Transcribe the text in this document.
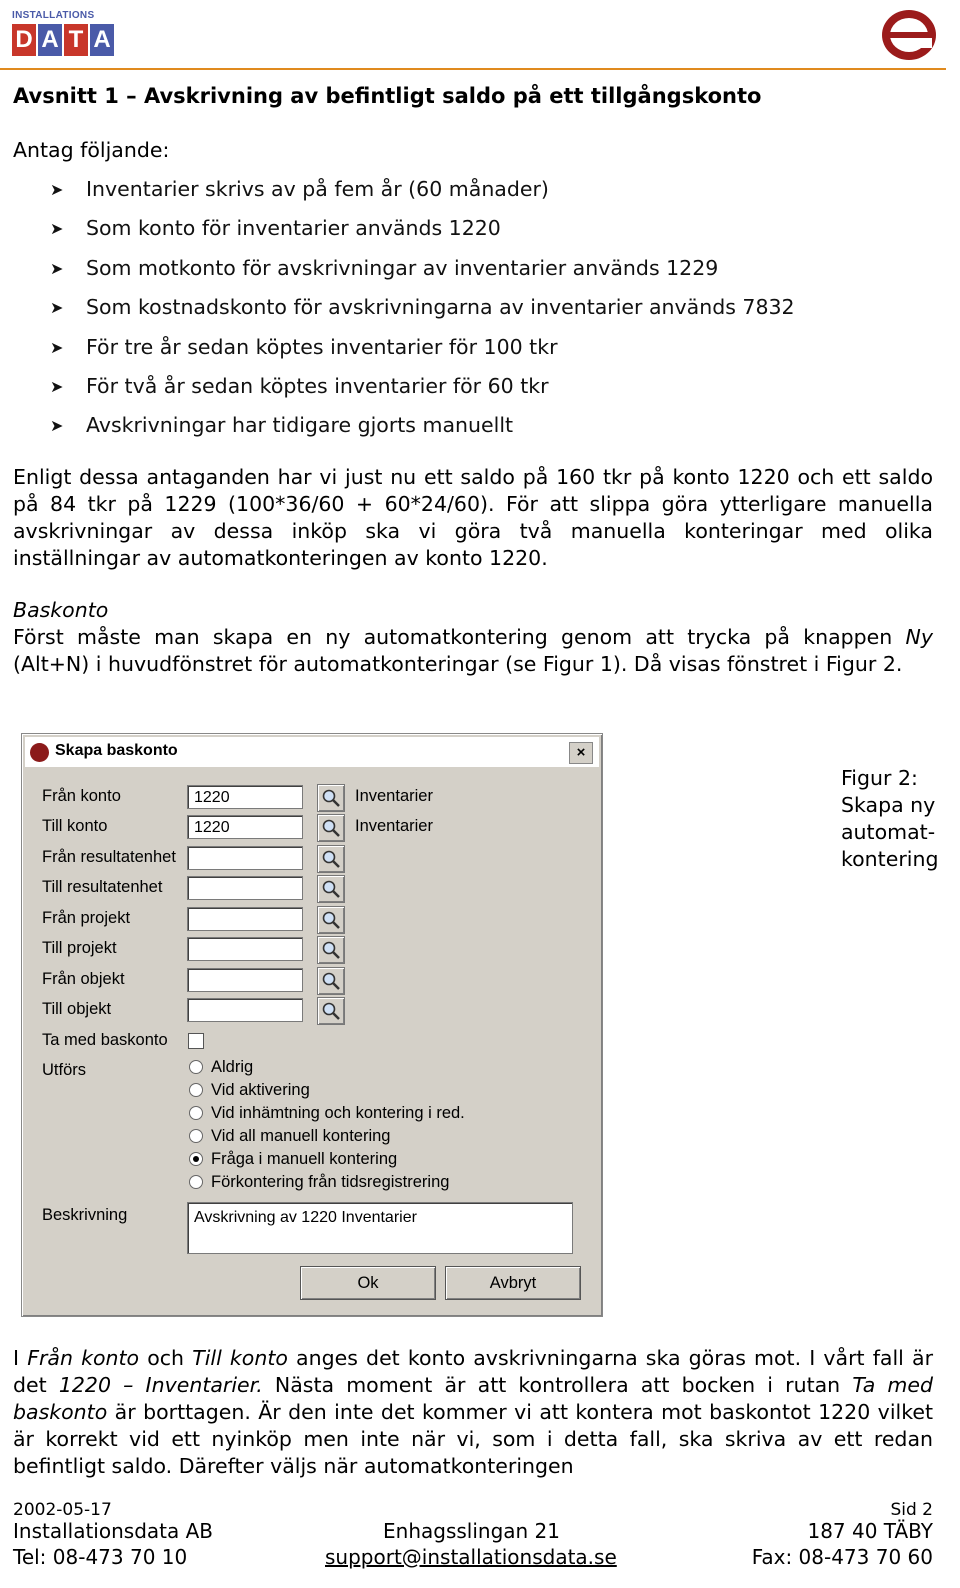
INSTALLATIONS
D A T A
Avsnitt 1 – Avskrivning av befintligt saldo på ett tillgångskonto
Antag följande:
➤	Inventarier skrivs av på fem år (60 månader)
➤	Som konto för inventarier används 1220
➤	Som motkonto för avskrivningar av inventarier används 1229
➤	Som kostnadskonto för avskrivningarna av inventarier används 7832
➤	För tre år sedan köptes inventarier för 100 tkr
➤	För två år sedan köptes inventarier för 60 tkr
➤	Avskrivningar har tidigare gjorts manuellt
Enligt dessa antaganden har vi just nu ett saldo på 160 tkr på konto 1220 och ett saldo på 84 tkr på 1229 (100*36/60 + 60*24/60). För att slippa göra ytterligare manuella avskrivningar av dessa inköp ska vi göra två manuella konteringar med olika inställningar av automatkonteringen av konto 1220.
Baskonto
Först måste man skapa en ny automatkontering genom att trycka på knappen Ny (Alt+N) i huvudfönstret för automatkonteringar (se Figur 1). Då visas fönstret i Figur 2.
Skapa baskonto	×
Från konto	1220	Inventarier
Till konto	1220	Inventarier
Från resultatenhet
Till resultatenhet
Från projekt
Till projekt
Från objekt
Till objekt
Ta med baskonto
Utförs	Aldrig
Vid aktivering
Vid inhämtning och kontering i red.
Vid all manuell kontering
Fråga i manuell kontering
Förkontering från tidsregistrering
Beskrivning	Avskrivning av 1220 Inventarier
Ok	Avbryt
Figur 2: Skapa ny automat- kontering
I Från konto och Till konto anges det konto avskrivningarna ska göras mot. I vårt fall är det 1220 – Inventarier. Nästa moment är att kontrollera att bocken i rutan Ta med baskonto är borttagen. Är den inte det kommer vi att kontera mot baskontot 1220 vilket är korrekt vid ett nyinköp men inte när vi, som i detta fall, ska skriva av ett redan befintligt saldo. Därefter väljs när automatkonteringen
2002-05-17	Sid 2
Installationsdata AB	Enhagsslingan 21	187 40 TÄBY
Tel: 08-473 70 10	support@installationsdata.se	Fax: 08-473 70 60
